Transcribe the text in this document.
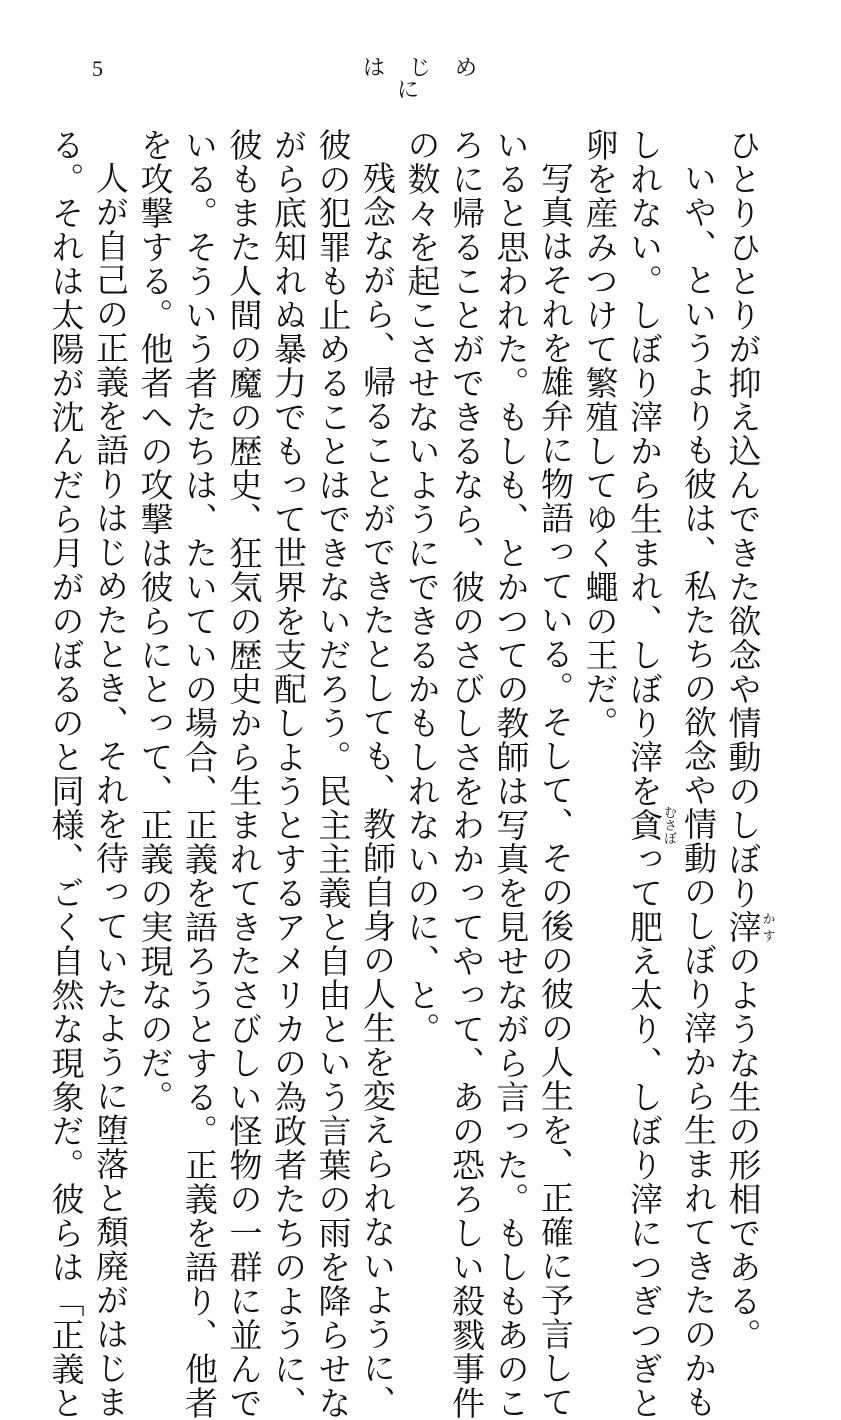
5	はじめに
ひとりひとりが抑え込んできた欲念や情動のしぼり滓かすのような生の形相である。
いや、というよりも彼は、私たちの欲念や情動のしぼり滓から生まれてきたのかも
しれない。しぼり滓から生まれ、しぼり滓を貪むさぼって肥え太り、しぼり滓につぎつぎと
卵を産みつけて繁殖してゆく蠅の王だ。
写真はそれを雄弁に物語っている。そして、その後の彼の人生を、正確に予言して
いると思われた。もしも、とかつての教師は写真を見せながら言った。もしもあのこ
ろに帰ることができるなら、彼のさびしさをわかってやって、あの恐ろしい殺戮事件
の数々を起こさせないようにできるかもしれないのに、と。
残念ながら、帰ることができたとしても、教師自身の人生を変えられないように、
彼の犯罪も止めることはできないだろう。民主主義と自由という言葉の雨を降らせな
がら底知れぬ暴力でもって世界を支配しようとするアメリカの為政者たちのように、
彼もまた人間の魔の歴史、狂気の歴史から生まれてきたさびしい怪物の一群に並んで
いる。そういう者たちは、たいていの場合、正義を語ろうとする。正義を語り、他者
を攻撃する。他者への攻撃は彼らにとって、正義の実現なのだ。
人が自己の正義を語りはじめたとき、それを待っていたように堕落と頽廃がはじま
る。それは太陽が沈んだら月がのぼるのと同様、ごく自然な現象だ。彼らは「正義と
